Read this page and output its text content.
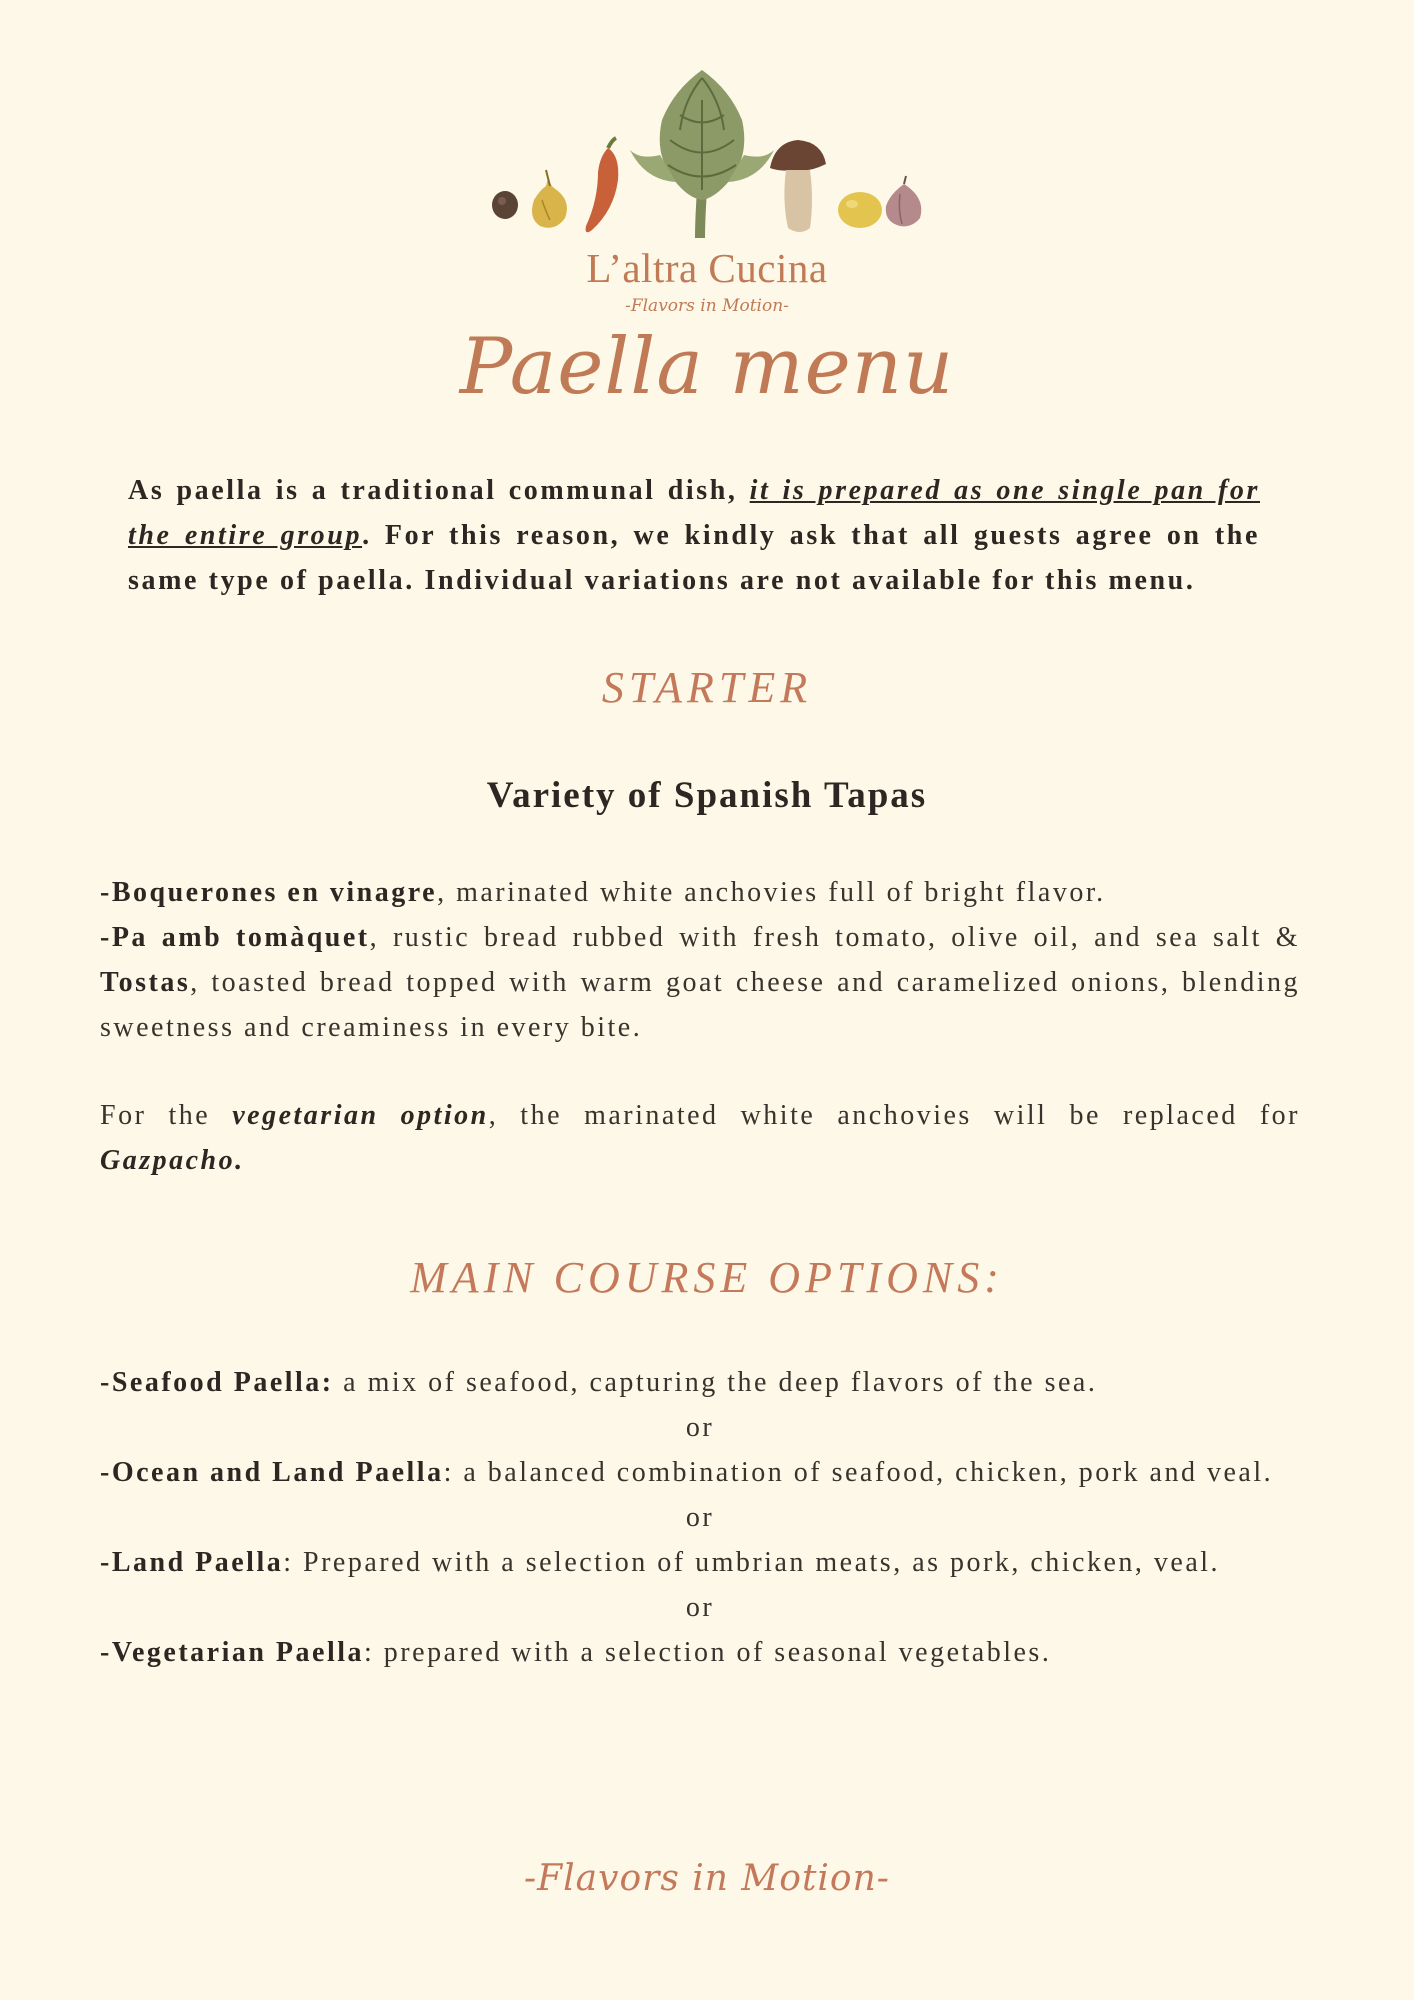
L’altra Cucina
-Flavors in Motion-
Paella menu
As paella is a traditional communal dish, it is prepared as one single pan for the entire group. For this reason, we kindly ask that all guests agree on the same type of paella. Individual variations are not available for this menu.
STARTER
Variety of Spanish Tapas
-Boquerones en vinagre, marinated white anchovies full of bright flavor.
-Pa amb tomàquet, rustic bread rubbed with fresh tomato, olive oil, and sea salt & Tostas, toasted bread topped with warm goat cheese and caramelized onions, blending sweetness and creaminess in every bite.
For the vegetarian option, the marinated white anchovies will be replaced for Gazpacho.
MAIN COURSE OPTIONS:
-Seafood Paella: a mix of seafood, capturing the deep flavors of the sea.
or
-Ocean and Land Paella: a balanced combination of seafood, chicken, pork and veal.
or
-Land Paella: Prepared with a selection of umbrian meats, as pork, chicken, veal.
or
-Vegetarian Paella: prepared with a selection of seasonal vegetables.
-Flavors in Motion-
